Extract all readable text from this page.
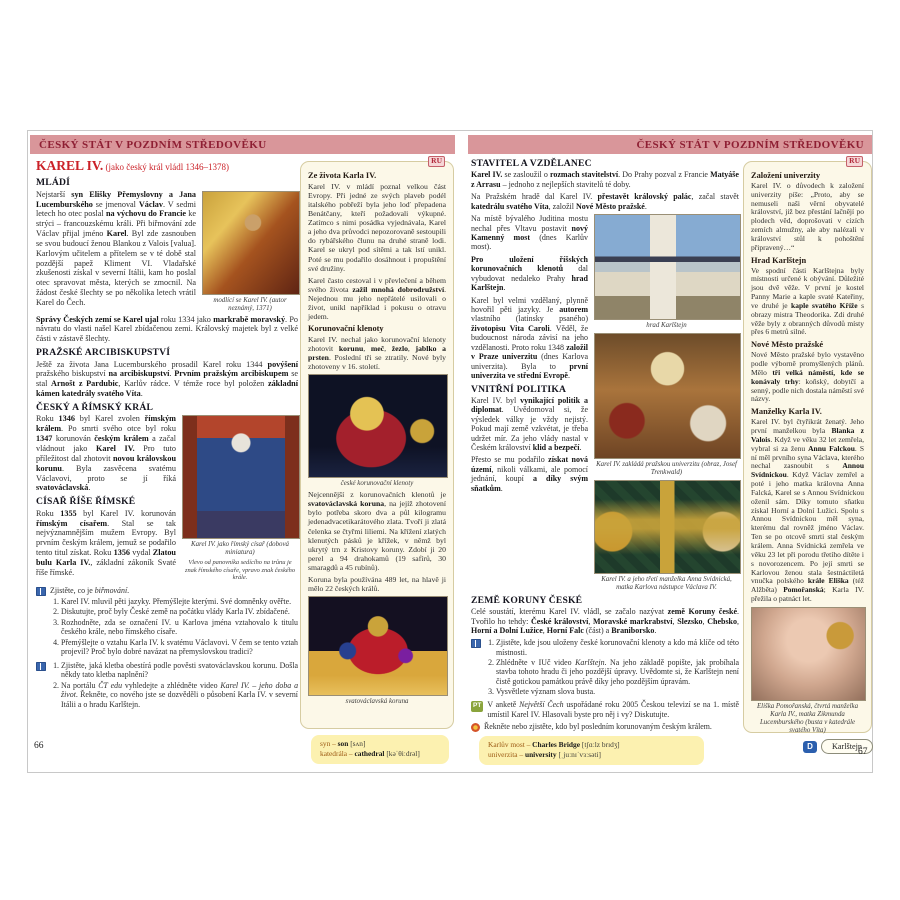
ČESKÝ STÁT V POZDNÍM STŘEDOVĚKU	ČESKÝ STÁT V POZDNÍM STŘEDOVĚKU
KAREL IV. (jako český král vládl 1346–1378)
MLÁDÍ
modlící se Karel IV. (autor neznámý, 1371)

Nejstarší syn Elišky Přemyslovny a Jana Lucemburského se jmenoval Václav. V sedmi letech ho otec poslal na výchovu do Francie ke strýci – francouzskému králi. Při biřmování zde Václav přijal jméno Karel. Byl zde zasnouben se svou budoucí ženou Blankou z Valois [valua]. Karlovým učitelem a přítelem se v té době stal pozdější papež Kliment VI. Vladařské zkušenosti získal v severní Itálii, kam ho poslal otec spravovat města, kterých se zmocnil. Na žádost české šlechty se po několika letech vrátil Karel do Čech.

Správy Českých zemí se Karel ujal roku 1334 jako markrabě moravský. Po návratu do vlasti našel Karel zbídačenou zemi. Královský majetek byl z velké části v zástavě šlechty.

PRAŽSKÉ ARCIBISKUPSTVÍ

Ještě za života Jana Lucemburského prosadil Karel roku 1344 povýšení pražského biskupství na arcibiskupství. Prvním pražským arcibiskupem se stal Arnošt z Pardubic, Karlův rádce. V témže roce byl položen základní kámen katedrály svatého Víta.

ČESKÝ A ŘÍMSKÝ KRÁL
Karel IV. jako římský císař (dobová miniatura)
Vlevo od panovníka sedícího na trůnu je znak římského císaře, vpravo znak českého krále.

Roku 1346 byl Karel zvolen římským králem. Po smrti svého otce byl roku 1347 korunován českým králem a začal vládnout jako Karel IV. Pro tuto příležitost dal zhotovit novou královskou korunu. Byla zasvěcena svatému Václavovi, proto se jí říká svatováclavská.

CÍSAŘ ŘÍŠE ŘÍMSKÉ

Roku 1355 byl Karel IV. korunován římským císařem. Stal se tak nejvýznamnějším mužem Evropy. Byl prvním českým králem, jemuž se podařilo tento titul získat. Roku 1356 vydal Zlatou bulu Karla IV., základní zákoník Svaté říše římské.

Zjistěte, co je biřmování.

1. Karel IV. mluvil pěti jazyky. Přemýšlejte kterými. Své domněnky ověřte.
2. Diskutujte, proč byly České země na počátku vlády Karla IV. zbídačené.
3. Rozhodněte, zda se označení IV. u Karlova jména vztahovalo k titulu českého krále, nebo římského císaře.
4. Přemýšlejte o vztahu Karla IV. k svatému Václavovi. V čem se tento vztah projevil? Proč bylo dobré navázat na přemyslovskou tradici?
1. Zjistěte, jaká kletba obestírá podle pověsti svatováclavskou korunu. Došla někdy tato kletba naplnění?
2. Na portálu ČT edu vyhledejte a zhlédněte video Karel IV. – jeho doba a život. Řekněte, co nového jste se dozvěděli o působení Karla IV. v severní Itálii a o hradu Karlštejn.
66
RU
Ze života Karla IV.

Karel IV. v mládí poznal velkou část Evropy. Při jedné ze svých plaveb podél italského pobřeží byla jeho loď přepadena Benátčany, kteří požadovali výkupné. Zatímco s nimi posádka vyjednávala, Karel a jeho dva průvodci nepozorovaně sestoupili do rybářského člunu na druhé straně lodi. Karel se ukryl pod sítěmi a tak lstí unikl. Poté se mu podařilo dosáhnout i propuštění své družiny.

Karel často cestoval i v převlečení a během svého života zažil mnohá dobrodružství. Nejednou mu jeho nepřátelé usilovali o život, unikl například i pokusu o otravu jedem.

Korunovační klenoty

Karel IV. nechal jako korunovační klenoty zhotovit korunu, meč, žezlo, jablko a prsten. Poslední tři se ztratily. Nové byly zhotoveny v 16. století.

české korunovační klenoty

Nejcennější z korunovačních klenotů je svatováclavská koruna, na jejíž zhotovení bylo potřeba skoro dva a půl kilogramu jedenadvacetikarátového zlata. Tvoří ji zlatá čelenka se čtyřmi liliemi. Na křížení zlatých klenutých pásků je křížek, v němž byl ukrytý trn z Kristovy koruny. Zdobí ji 20 perel a 94 drahokamů (19 safírů, 30 smaragdů a 45 rubínů).

Koruna byla používána 489 let, na hlavě ji mělo 22 českých králů.

svatováclavská koruna
syn – son [sʌn]
katedrála – cathedral [kəˈθiːdrəl]
STAVITEL A VZDĚLANEC

Karel IV. se zasloužil o rozmach stavitelství. Do Prahy pozval z Francie Matyáše z Arrasu – jednoho z nejlepších stavitelů té doby.

Na Pražském hradě dal Karel IV. přestavět královský palác, začal stavět katedrálu svatého Víta, založil Nové Město pražské.

Na místě bývalého Juditina mostu nechal přes Vltavu postavit nový Kamenný most (dnes Karlův most).

Pro uložení říšských korunovačních klenotů dal vybudovat nedaleko Prahy hrad Karlštejn.

Karel byl velmi vzdělaný, plynně hovořil pěti jazyky. Je autorem vlastního (latinsky psaného) životopisu Vita Caroli. Věděl, že budoucnost národa závisí na jeho vzdělanosti. Proto roku 1348 založil v Praze univerzitu (dnes Karlova univerzita). Byla to první univerzita ve střední Evropě.

VNITŘNÍ POLITIKA

Karel IV. byl vynikající politik a diplomat. Uvědomoval si, že výsledek války je vždy nejistý. Pokud mají země vzkvétat, je třeba udržet mír. Za jeho vlády nastal v Českém království klid a bezpečí.

Přesto se mu podařilo získat nová území, nikoli válkami, ale pomocí jednání, koupí a díky svým sňatkům.

hrad Karlštejn
Karel IV. zakládá pražskou univerzitu (obraz, Josef Trenkwald)
Karel IV. a jeho třetí manželka Anna Svídnická, matka Karlova nástupce Václava IV.
ZEMĚ KORUNY ČESKÉ

Celé soustátí, kterému Karel IV. vládl, se začalo nazývat země Koruny české. Tvořilo ho tehdy: České království, Moravské markrabství, Slezsko, Chebsko, Horní a Dolní Lužice, Horní Falc (část) a Braniborsko.

1. Zjistěte, kde jsou uloženy české korunovační klenoty a kdo má klíče od této místnosti.
2. Zhlédněte v IUč video Karlštejn. Na jeho základě popište, jak probíhala stavba tohoto hradu či jeho pozdější úpravy. Uvědomte si, že Karlštejn není čistě gotickou památkou právě díky jeho pozdějším úpravám.
3. Vysvětlete význam slova busta.
PT V anketě Největší Čech uspořádané roku 2005 Českou televizí se na 1. místě umístil Karel IV. Hlasovali byste pro něj i vy? Diskutujte.

Řekněte nebo zjistěte, kdo byl posledním korunovaným českým králem.

Karlův most – Charles Bridge [tʃɑːlz brɪdʒ]
univerzita – university [ˌjuːnɪˈvɜːsəti]
RU
Založení univerzity

Karel IV. o důvodech k založení univerzity píše: „Proto, aby se nemuseli naši věrní obyvatelé království, již bez přestání lačnějí po plodech věd, doprošovati v cizích zemích almužny, ale aby nalézali v království stůl k pohoštění připravený…“

Hrad Karlštejn

Ve spodní části Karlštejna byly místnosti určené k obývání. Důležité jsou dvě věže. V první je kostel Panny Marie a kaple svaté Kateřiny, ve druhé je kaple svatého Kříže s obrazy mistra Theodorika. Zdi druhé věže byly z obranných důvodů místy přes 6 metrů silné.

Nové Město pražské

Nové Město pražské bylo vystavěno podle výborně promyšlených plánů. Mělo tři velká náměstí, kde se konávaly trhy: koňský, dobytčí a senný, podle nich dostala náměstí své názvy.

Manželky Karla IV.

Karel IV. byl čtyřikrát ženatý. Jeho první manželkou byla Blanka z Valois. Když ve věku 32 let zemřela, vybral si za ženu Annu Falckou. S ní měl prvního syna Václava, kterého nechal zasnoubit s Annou Svídnickou. Když Václav zemřel a poté i jeho matka královna Anna Falcká, Karel se s Annou Svídnickou oženil sám. Díky tomuto sňatku získal Horní a Dolní Lužici. Spolu s Annou Svídnickou měl syna, kterému dal rovněž jméno Václav. Ten se po otcově smrti stal českým králem. Anna Svídnická zemřela ve věku 23 let při porodu třetího dítěte i s novorozencem. Po její smrti se Karlovou ženou stala šestnáctiletá vnučka polského krále Eliška (též Alžběta) Pomořanská; Karla IV. přežila o patnáct let.

Eliška Pomořanská, čtvrtá manželka Karla IV., matka Zikmunda Lucemburského (busta v katedrále svatého Víta)
D	Karlštejn
67
